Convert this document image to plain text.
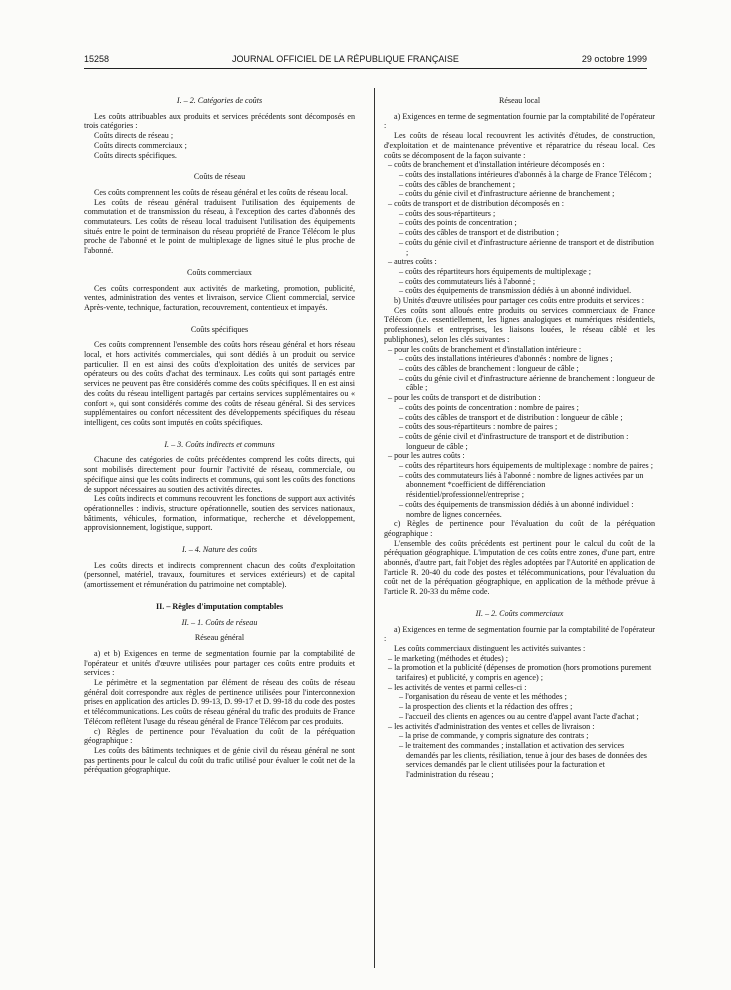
15258	JOURNAL OFFICIEL DE LA RÉPUBLIQUE FRANÇAISE	29 octobre 1999
I. – 2. Catégories de coûts

Les coûts attribuables aux produits et services précédents sont décomposés en trois catégories :

Coûts directs de réseau ;

Coûts directs commerciaux ;

Coûts directs spécifiques.

Coûts de réseau

Ces coûts comprennent les coûts de réseau général et les coûts de réseau local.

Les coûts de réseau général traduisent l'utilisation des équipements de commutation et de transmission du réseau, à l'exception des cartes d'abonnés des commutateurs. Les coûts de réseau local traduisent l'utilisation des équipements situés entre le point de terminaison du réseau propriété de France Télécom le plus proche de l'abonné et le point de multiplexage de lignes situé le plus proche de l'abonné.

Coûts commerciaux

Ces coûts correspondent aux activités de marketing, promotion, publicité, ventes, administration des ventes et livraison, service Client commercial, service Après-vente, technique, facturation, recouvrement, contentieux et impayés.

Coûts spécifiques

Ces coûts comprennent l'ensemble des coûts hors réseau général et hors réseau local, et hors activités commerciales, qui sont dédiés à un produit ou service particulier. Il en est ainsi des coûts d'exploitation des unités de services par opérateurs ou des coûts d'achat des terminaux. Les coûts qui sont partagés entre services ne peuvent pas être considérés comme des coûts spécifiques. Il en est ainsi des coûts du réseau intelligent partagés par certains services supplémentaires ou « confort », qui sont considérés comme des coûts de réseau général. Si des services supplémentaires ou confort nécessitent des développements spécifiques du réseau intelligent, ces coûts sont imputés en coûts spécifiques.

I. – 3. Coûts indirects et communs

Chacune des catégories de coûts précédentes comprend les coûts directs, qui sont mobilisés directement pour fournir l'activité de réseau, commerciale, ou spécifique ainsi que les coûts indirects et communs, qui sont les coûts des fonctions de support nécessaires au soutien des activités directes.

Les coûts indirects et communs recouvrent les fonctions de support aux activités opérationnelles : indivis, structure opérationnelle, soutien des services nationaux, bâtiments, véhicules, formation, informatique, recherche et développement, approvisionnement, logistique, support.

I. – 4. Nature des coûts

Les coûts directs et indirects comprennent chacun des coûts d'exploitation (personnel, matériel, travaux, fournitures et services extérieurs) et de capital (amortissement et rémunération du patrimoine net comptable).

II. – Règles d'imputation comptables
II. – 1. Coûts de réseau
Réseau général

a) et b) Exigences en terme de segmentation fournie par la comptabilité de l'opérateur et unités d'œuvre utilisées pour partager ces coûts entre produits et services :

Le périmètre et la segmentation par élément de réseau des coûts de réseau général doit correspondre aux règles de pertinence utilisées pour l'interconnexion prises en application des articles D. 99-13, D. 99-17 et D. 99-18 du code des postes et télécommunications. Les coûts de réseau général du trafic des produits de France Télécom reflètent l'usage du réseau général de France Télécom par ces produits.

c) Règles de pertinence pour l'évaluation du coût de la péréquation géographique :

Les coûts des bâtiments techniques et de génie civil du réseau général ne sont pas pertinents pour le calcul du coût du trafic utilisé pour évaluer le coût net de la péréquation géographique.

Réseau local

a) Exigences en terme de segmentation fournie par la comptabilité de l'opérateur :

Les coûts de réseau local recouvrent les activités d'études, de construction, d'exploitation et de maintenance préventive et réparatrice du réseau local. Ces coûts se décomposent de la façon suivante :

– coûts de branchement et d'installation intérieure décomposés en :

– coûts des installations intérieures d'abonnés à la charge de France Télécom ;

– coûts des câbles de branchement ;

– coûts du génie civil et d'infrastructure aérienne de branchement ;

– coûts de transport et de distribution décomposés en :

– coûts des sous-répartiteurs ;

– coûts des points de concentration ;

– coûts des câbles de transport et de distribution ;

– coûts du génie civil et d'infrastructure aérienne de transport et de distribution ;

– autres coûts :

– coûts des répartiteurs hors équipements de multiplexage ;

– coûts des commutateurs liés à l'abonné ;

– coûts des équipements de transmission dédiés à un abonné individuel.

b) Unités d'œuvre utilisées pour partager ces coûts entre produits et services :

Ces coûts sont alloués entre produits ou services commerciaux de France Télécom (i.e. essentiellement, les lignes analogiques et numériques résidentiels, professionnels et entreprises, les liaisons louées, le réseau câblé et les publiphones), selon les clés suivantes :

– pour les coûts de branchement et d'installation intérieure :

– coûts des installations intérieures d'abonnés : nombre de lignes ;

– coûts des câbles de branchement : longueur de câble ;

– coûts du génie civil et d'infrastructure aérienne de branchement : longueur de câble ;

– pour les coûts de transport et de distribution :

– coûts des points de concentration : nombre de paires ;

– coûts des câbles de transport et de distribution : longueur de câble ;

– coûts des sous-répartiteurs : nombre de paires ;

– coûts de génie civil et d'infrastructure de transport et de distribution : longueur de câble ;

– pour les autres coûts :

– coûts des répartiteurs hors équipements de multiplexage : nombre de paires ;

– coûts des commutateurs liés à l'abonné : nombre de lignes activées par un abonnement *coefficient de différenciation résidentiel/professionnel/entreprise ;

– coûts des équipements de transmission dédiés à un abonné individuel : nombre de lignes concernées.

c) Règles de pertinence pour l'évaluation du coût de la péréquation géographique :

L'ensemble des coûts précédents est pertinent pour le calcul du coût de la péréquation géographique. L'imputation de ces coûts entre zones, d'une part, entre abonnés, d'autre part, fait l'objet des règles adoptées par l'Autorité en application de l'article R. 20-40 du code des postes et télécommunications, pour l'évaluation du coût net de la péréquation géographique, en application de la méthode prévue à l'article R. 20-33 du même code.

II. – 2. Coûts commerciaux

a) Exigences en terme de segmentation fournie par la comptabilité de l'opérateur :

Les coûts commerciaux distinguent les activités suivantes :

– le marketing (méthodes et études) ;

– la promotion et la publicité (dépenses de promotion (hors promotions purement tarifaires) et publicité, y compris en agence) ;

– les activités de ventes et parmi celles-ci :

– l'organisation du réseau de vente et les méthodes ;

– la prospection des clients et la rédaction des offres ;

– l'accueil des clients en agences ou au centre d'appel avant l'acte d'achat ;

– les activités d'administration des ventes et celles de livraison :

– la prise de commande, y compris signature des contrats ;

– le traitement des commandes ; installation et activation des services demandés par les clients, résiliation, tenue à jour des bases de données des services demandés par le client utilisées pour la facturation et l'administration du réseau ;
